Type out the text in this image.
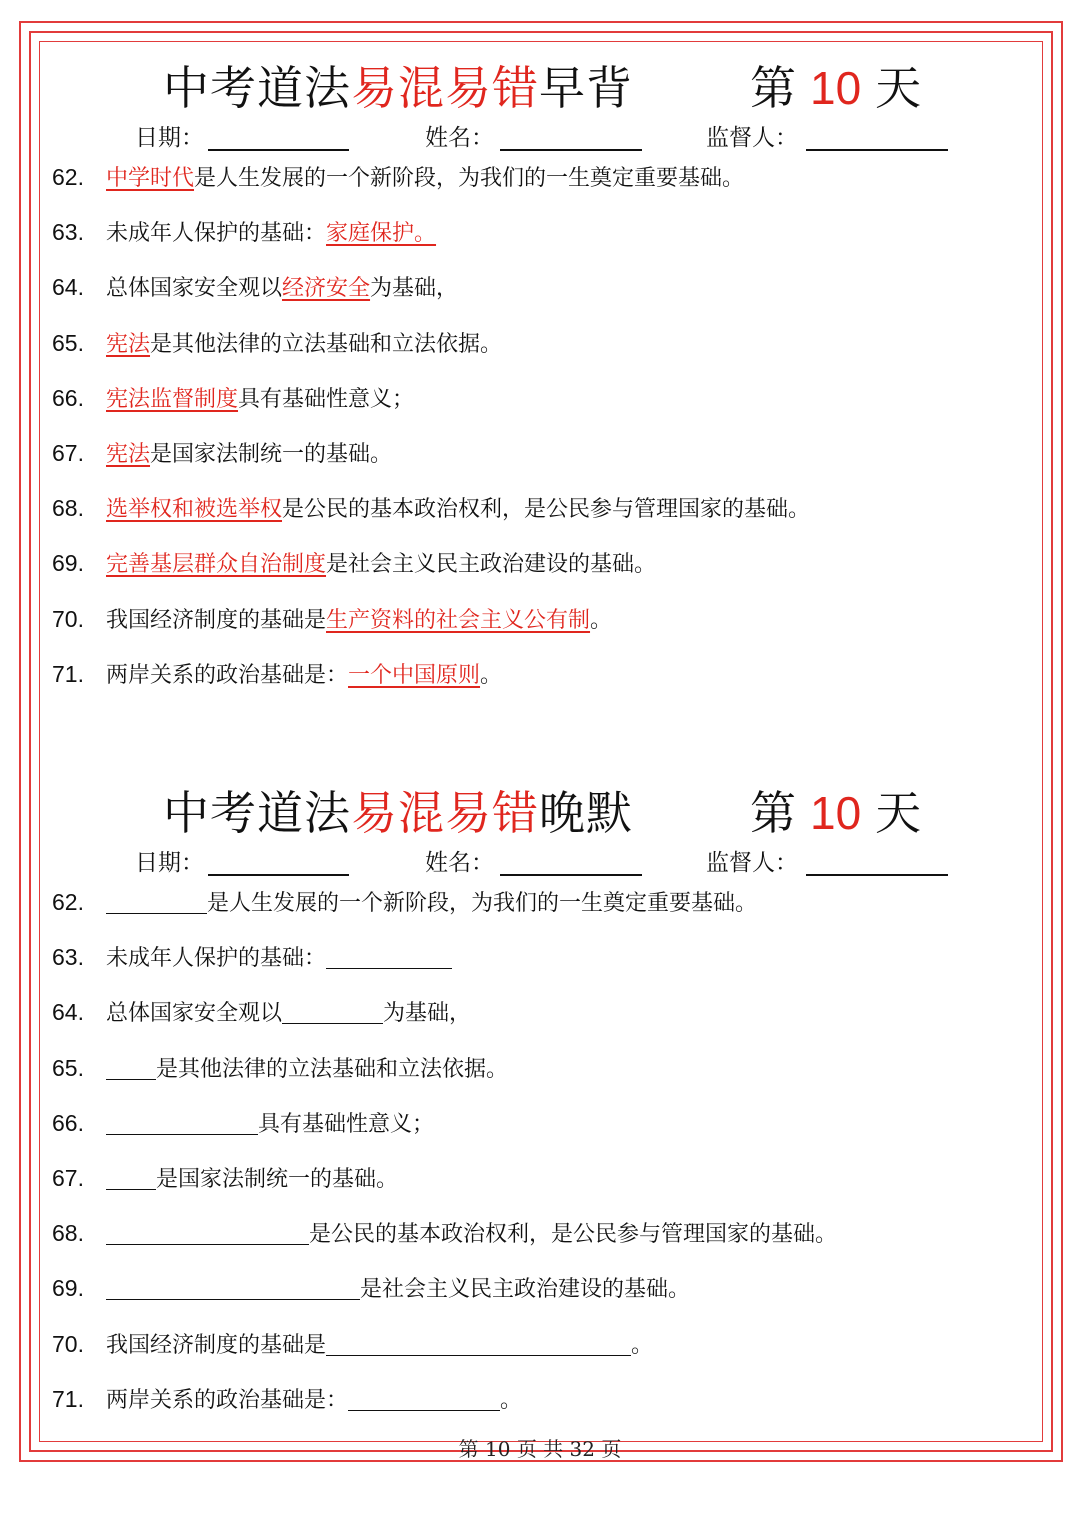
中考道法易混易错早背	第 10 天
日期：	姓名：	监督人：
62. 中学时代是人生发展的一个新阶段，为我们的一生奠定重要基础。
63. 未成年人保护的基础：家庭保护。
64. 总体国家安全观以经济安全为基础，
65. 宪法是其他法律的立法基础和立法依据。
66. 宪法监督制度具有基础性意义；
67. 宪法是国家法制统一的基础。
68. 选举权和被选举权是公民的基本政治权利，是公民参与管理国家的基础。
69. 完善基层群众自治制度是社会主义民主政治建设的基础。
70. 我国经济制度的基础是生产资料的社会主义公有制。
71. 两岸关系的政治基础是：一个中国原则。
中考道法易混易错晚默	第 10 天
日期：	姓名：	监督人：
62.	是人生发展的一个新阶段，为我们的一生奠定重要基础。
63. 未成年人保护的基础：
64. 总体国家安全观以	为基础，
65.	是其他法律的立法基础和立法依据。
66.	具有基础性意义；
67.	是国家法制统一的基础。
68.	是公民的基本政治权利，是公民参与管理国家的基础。
69.	是社会主义民主政治建设的基础。
70. 我国经济制度的基础是	。
71. 两岸关系的政治基础是：	。
第 10 页 共 32 页
